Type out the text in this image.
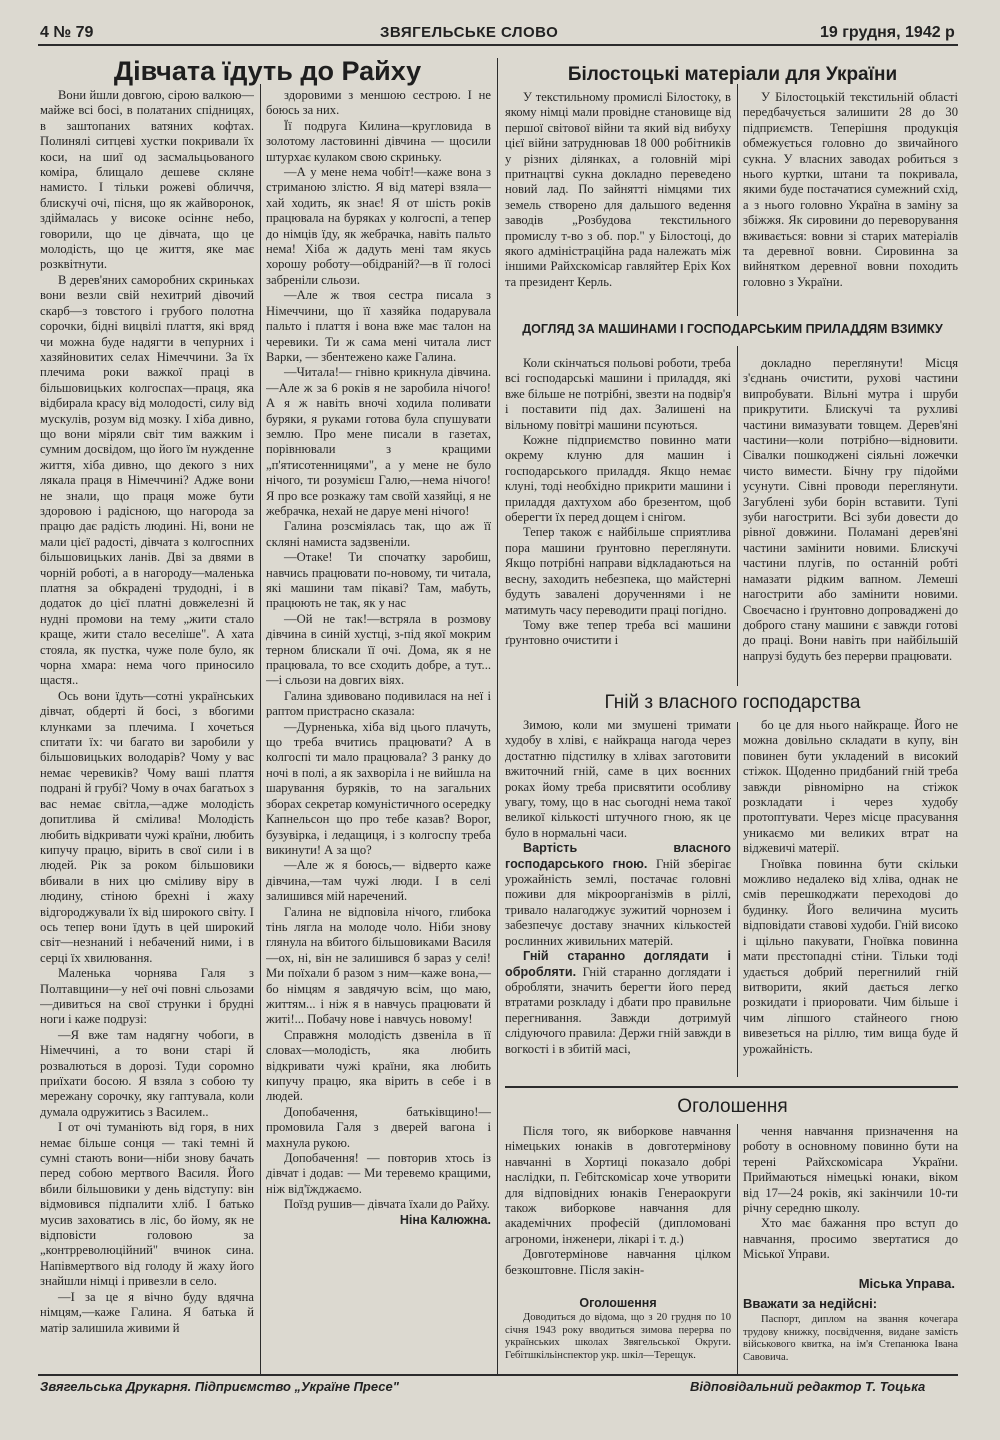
4 № 79	ЗВЯГЕЛЬСЬКЕ СЛОВО	19 грудня, 1942 р
Дівчата їдуть до Райху

Вони йшли довгою, сірою валкою—майже всі босі, в полатаних спідницях, в заштопаних ватяних кофтах. Полинялі ситцеві хустки покривали їх коси, на шиї од засмальцьованого коміра, блищало дешеве скляне намисто. І тільки рожеві обличчя, блискучі очі, пісня, що як жайворонок, здіймалась у високе осіннє небо, говорили, що це дівчата, що це молодість, що це життя, яке має розквітнути.

В дерев'яних саморобних скриньках вони везли свій нехитрий дівочий скарб—з товстого і грубого полотна сорочки, бідні вицвілі плаття, які вряд чи можна буде надягти в чепурних і хазяйновитих селах Німеччини. За їх плечима роки важкої праці в більшовицьких колгоспах—праця, яка відбирала красу від молодості, силу від мускулів, розум від мозку. І хіба дивно, що вони міряли світ тим важким і сумним досвідом, що його їм нужденне життя, хіба дивно, що декого з них лякала праця в Німеччині? Адже вони не знали, що праця може бути здоровою і радісною, що нагорода за працю дає радість людині. Ні, вони не мали цієї радості, дівчата з колгоспних більшовицьких ланів. Дві за двями в чорній роботі, а в нагороду—маленька платня за обкрадені трудодні, і в додаток до цієї платні довжелезні й нудні промови на тему „жити стало краще, жити стало веселіше". А хата стояла, як пустка, чуже поле було, як чорна хмара: нема чого приносило щастя..

Ось вони їдуть—сотні українських дівчат, обдерті й босі, з вбогими клунками за плечима. І хочеться спитати їх: чи багато ви заробили у більшовицьких володарів? Чому у вас немає черевиків? Чому ваші плаття подрані й грубі? Чому в очах багатьох з вас немає світла,—адже молодість допитлива й смілива! Молодість любить відкривати чужі країни, любить кипучу працю, вірить в свої сили і в людей. Рік за роком більшовики вбивали в них цю сміливу віру в людину, стіною брехні і жаху відгороджували їх від широкого світу. І ось тепер вони їдуть в цей широкий світ—незнаний і небачений ними, і в серці їх хвилювання.

Маленька чорнява Галя з Полтавщини—у неї очі повні сльозами—дивиться на свої струнки і брудні ноги і каже подрузі:

—Я вже там надягну чобоги, в Німеччині, а то вони старі й розвалються в дорозі. Туди соромно приїхати босою. Я взяла з собою ту мережану сорочку, яку гаптувала, коли думала одружитись з Василем..

І от очі туманіють від горя, в них немає більше сонця — такі темні й сумні стають вони—ніби знову бачать перед собою мертвого Василя. Його вбили більшовики у день відступу: він відмовився підпалити хліб. І батько мусив заховатись в ліс, бо йому, як не відповісти головою за „контрреволюційний" вчинок сина. Напівмертвого від голоду й жаху його знайшли німці і привезли в село.

—І за це я вічно буду вдячна німцям,—каже Галина. Я батька й матір залишила живими й

здоровими з меншою сестрою. І не боюсь за них.

Її подруга Килина—кругловида в золотому ластовинні дівчина — щосили штурхає кулаком свою скриньку.

—А у мене нема чобіт!—каже вона з стриманою злістю. Я від матері взяла—хай ходить, як знає! Я от шість років працювала на буряках у колгоспі, а тепер до німців їду, як жебрачка, навіть пальто нема! Хіба ж дадуть мені там якусь хорошу роботу—обідрaній?—в її голосі забреніли сльози.

—Але ж твоя сестра писала з Німеччини, що її хазяйка подарувала пальто і плаття і вона вже має талон на черевики. Ти ж сама мені читала лист Варки, — збентежено каже Галина.

—Читала!— гнівно крикнула дівчина.—Але ж за 6 років я не заробила нічого! А я ж навіть вночі ходила поливати буряки, я руками готова була спушувати землю. Про мене писали в газетах, порівнювали з кращими „п'ятисотенницями", а у мене не було нічого, ти розумієш Галю,—нема нічого! Я про все розкажу там своїй хазяйці, я не жебрачка, нехай не даруе мені нічого!

Галина розсміялась так, що аж її скляні намиста задзвеніли.

—Отаке! Ти спочатку заробиш, навчись працювати по-новому, ти читала, які машини там пікаві? Там, мабуть, працюють не так, як у нас

—Ой не так!—встряла в розмову дівчина в синій хустці, з-під якої мокрим терном блискали її очі. Дома, як я не працювала, то все сходить добре, а тут...—і сльози на довгих віях.

Галина здивовано подивилася на неї і раптом пристрасно сказала:

—Дурненька, хіба від цього плачуть, що треба вчитись працювати? А в колгоспі ти мало працювала? З ранку до ночі в полі, а як захворіла і не вийшла на шарування буряків, то на загальних зборах секретар комуністичного осередку Капнельсон що про тебе казав? Ворог, бузувірка, і ледащиця, і з колгоспу треба викинути! А за що?

—Але ж я боюсь,— відверто каже дівчина,—там чужі люди. І в селі залишився мій наречений.

Галина не відповіла нічого, глибока тінь лягла на молоде чоло. Ніби знову глянула на вбитого більшовиками Василя—ох, ні, він не залишився б зараз у селі! Ми поїхали б разом з ним—каже вона,—бо німцям я завдячую всім, що маю, життям... і ніж я в навчусь працювати й житі!... Побачу нове і навчусь новому!

Справжня молодість дзвеніла в її словах—молодість, яка любить відкривати чужі країни, яка любить кипучу працю, яка вірить в себе і в людей.

Допобачення, батьківщино!—промовила Галя з дверей вагона і махнула рукою.

Допобачення! — повторив хтось із дівчат і додав: — Ми теревемо кращими, ніж від'їжджаємо.

Поїзд рушив— дівчата їхали до Райху.

Ніна Калюжна.

Білостоцькі матеріали для України

У текстильному промислі Білостоку, в якому німці мали провідне становище від першої світової війни та який від вибуху цієї війни затруднював 18 000 робітників у різних ділянках, а головній мірі притнацтві сукна докладно переведено новий лад. По зайнятті німцями тих земель створено для дальшого ведення заводів „Розбудова текстильного промислу т-во з об. пор." у Білостоці, до якого адміністраційна рада належать між іншими Райхскомісар гавляйтер Еріх Кох та президент Керль.

У Білостоцькій текстильній області передбачується залишити 28 до 30 підприємств. Теперішня продукція обмежується головно до звичайного сукна. У власних заводах робиться з нього куртки, штани та покривала, якими буде постачатися сумежний схід, а з нього головно Україна в заміну за збіжжя. Як сировини до переворування вживається: вовни зі старих матеріалів та деревної вовни. Сировинна за вийнятком деревної вовни походить головно з України.

ДОГЛЯД ЗА МАШИНАМИ І ГОСПОДАРСЬКИМ ПРИЛАДДЯМ ВЗИМКУ

Коли скінчаться польові роботи, треба всі господарські машини і приладдя, які вже більше не потрібні, звезти на подвір'я і поставити під дах. Залишені на вільному повітрі машини псуються.

Кожне підприємство повинно мати окрему клуню для машин і господарського приладдя. Якщо немає клуні, тоді необхідно прикрити машини і приладдя дахтухом або брезентом, щоб оберегти їх перед дощем і снігом.

Тепер також є найбільше сприятлива пора машини ґрунтовно переглянути. Якщо потрібні направи відкладаються на весну, заходить небезпека, що майстерні будуть завалені дорученнями і не матимуть часу переводити праці погідно.

Тому вже тепер треба всі машини ґрунтовно очистити і

докладно переглянути! Місця з'єднань очистити, рухові частини випробувати. Вільні мутра і шруби прикрутити. Блискучі та рухливі частини вимазувати товщем. Дерев'яні частини—коли потрібно—відновити. Сівалки пошкоджені сіяльні ложечки чисто вимести. Бічну гру підойми усунути. Сівні проводи переглянути. Загублені зуби борін вставити. Тупі зуби нагострити. Всі зуби довести до рівної довжини. Поламані дерев'яні частини замінити новими. Блискучі частини плугів, по останній робті намазати рідким вапном. Лемеші нагострити або замінити новими. Своєчасно і ґрунтовно допроваджені до доброго стану машини є завжди готові до праці. Вони навіть при найбільшій напрузі будуть без перерви працювати.

Гній з власного господарства

Зимою, коли ми змушені тримати худобу в хліві, є найкраща нагода через достатню підстилку в хлівах заготовити вжиточний гній, саме в цих воєнних роках йому треба присвятити особливу увагу, тому, що в нас сьогодні нема такої великої кількості штучного гною, як це було в нормальні часи.

Вартість власного господарського гною. Гній зберігає урожайність землі, постачає головні поживи для мікроорганізмів в ріллі, тривало налагоджує зужитий чорнозем і забезпечує доставу значних кількостей рослинних живильних матерій.

Гній старанно доглядати і обробляти. Гній старанно доглядати і обробляти, значить берегти його перед втратами розкладу і дбати про правильне перегнивання. Завжди дотримуй слідуючого правила: Держи гній завжди в вогкості і в збитій масі,

бо це для нього найкраще. Його не можна довільно складати в купу, він повинен бути укладений в високий стіжок. Щоденно придбаний гній треба завжди рівномірно на стіжок розкладати і через худобу протоптувати. Через місце прасування уникаємо ми великих втрат на віджевичі матерії.

Гноївка повинна бути скільки можливо недалеко від хліва, однак не смів перешкоджати переходові до будинку. Його величина мусить відповідати ставові худоби. Гній високо і щільно пакувати, Гноївка повинна мати прєстопадні стіни. Тільки тоді удається добрий перегнилий гній витворити, який дається легко розкидати і приоровати. Чим більше і чим ліпшого стайнеого гною вивезеться на ріллю, тим вища буде й урожайність.

Оголошення

Після того, як виборкове навчання німецьких юнаків в довготермінову навчанні в Хортиці показало добрі наслідки, п. Гебітскомісар хоче утворити для відповідних юнаків Генераокруги також виборкове навчання для академічних професій (дипломовані агрономи, інженери, лікарі і т. д.)

Довготермінове навчання цілком безкоштовне. Після закін-

чення навчання призначення на роботу в основному повинно бути на терені Райхскомісара України. Приймаються німецькі юнаки, віком від 17—24 років, які закінчили 10-ти річну середню школу.

Хто має бажання про вступ до навчання, просимо звертатися до Міської Управи.

Міська Управа.
Оголошення

Доводиться до відома, що з 20 грудня по 10 січня 1943 року вводиться зимова перерва по українських школах Звягельської Округи. Гебітшкільінспектор укр. шкіл—Терещук.

Вважати за недійсні:

Паспорт, диплом на звання кочегара трудову книжку, посвідчення, видане замість військового квитка, на ім'я Степанюка Івана Савовича.

Звягельська Друкарня. Підприємство „Україне Пресе"	Відповідальний редактор Т. Тоцька
